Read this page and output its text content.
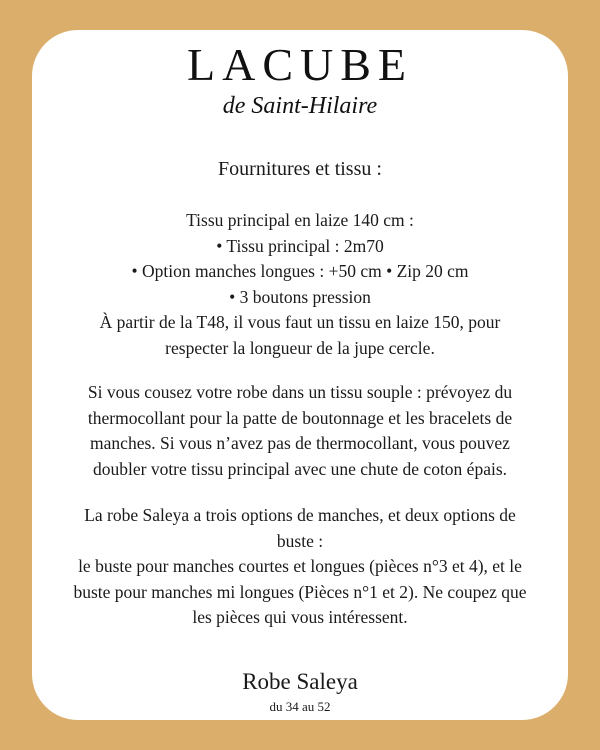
LACUBE
de Saint-Hilaire
Fournitures et tissu :
Tissu principal en laize 140 cm :
• Tissu principal : 2m70
• Option manches longues : +50 cm • Zip 20 cm
• 3 boutons pression
À partir de la T48, il vous faut un tissu en laize 150, pour
respecter la longueur de la jupe cercle.
Si vous cousez votre robe dans un tissu souple : prévoyez du
thermocollant pour la patte de boutonnage et les bracelets de
manches. Si vous n’avez pas de thermocollant, vous pouvez
doubler votre tissu principal avec une chute de coton épais.
La robe Saleya a trois options de manches, et deux options de
buste :
le buste pour manches courtes et longues (pièces n°3 et 4), et le
buste pour manches mi longues (Pièces n°1 et 2). Ne coupez que
les pièces qui vous intéressent.
Robe Saleya
du 34 au 52
